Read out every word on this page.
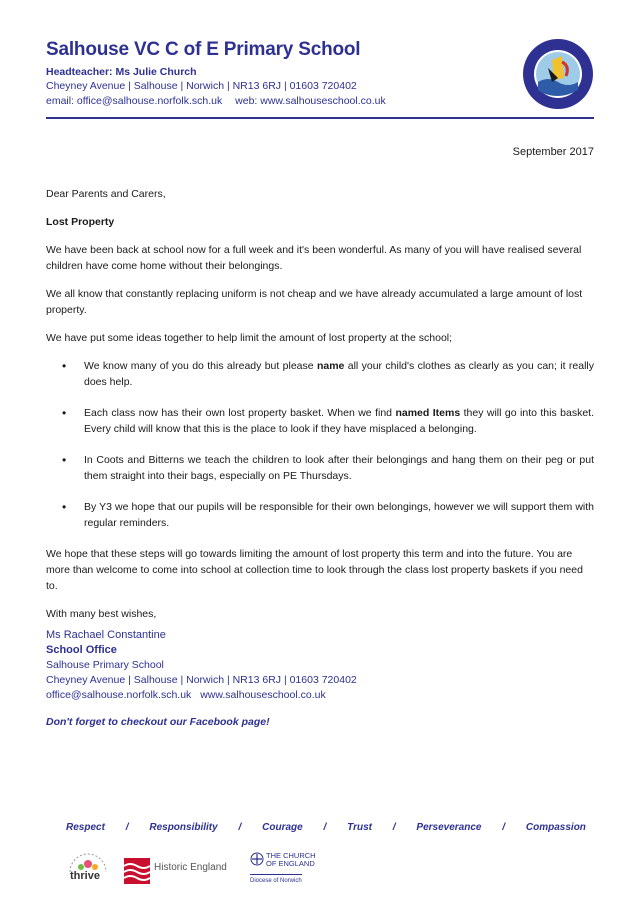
Salhouse VC C of E Primary School
Headteacher: Ms Julie Church
Cheyney Avenue | Salhouse | Norwich | NR13 6RJ | 01603 720402
email: office@salhouse.norfolk.sch.uk web: www.salhouseschool.co.uk
September 2017

Dear Parents and Carers,

Lost Property

We have been back at school now for a full week and it's been wonderful. As many of you will have realised several children have come home without their belongings.

We all know that constantly replacing uniform is not cheap and we have already accumulated a large amount of lost property.

We have put some ideas together to help limit the amount of lost property at the school;

• We know many of you do this already but please name all your child's clothes as clearly as you can; it really does help.
• Each class now has their own lost property basket. When we find named Items they will go into this basket. Every child will know that this is the place to look if they have misplaced a belonging.
• In Coots and Bitterns we teach the children to look after their belongings and hang them on their peg or put them straight into their bags, especially on PE Thursdays.
• By Y3 we hope that our pupils will be responsible for their own belongings, however we will support them with regular reminders.

We hope that these steps will go towards limiting the amount of lost property this term and into the future. You are more than welcome to come into school at collection time to look through the class lost property baskets if you need to.

With many best wishes,

Ms Rachael Constantine
School Office
Salhouse Primary School
Cheyney Avenue | Salhouse | Norwich | NR13 6RJ | 01603 720402
office@salhouse.norfolk.sch.uk www.salhouseschool.co.uk
Don't forget to checkout our Facebook page!
Respect / Responsibility / Courage / Trust / Perseverance / Compassion
thrive
Historic England
THE CHURCH
OF ENGLAND
Diocese of Norwich
